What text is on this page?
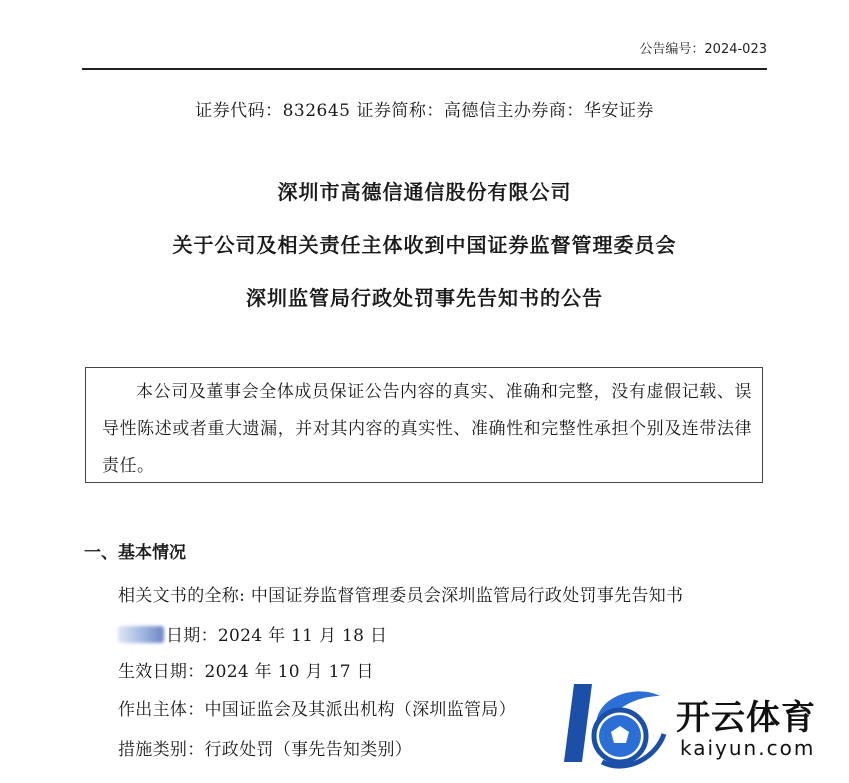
公告编号：2024-023
证券代码：832645 证券简称：高德信主办券商：华安证券
深圳市高德信通信股份有限公司
关于公司及相关责任主体收到中国证券监督管理委员会
深圳监管局行政处罚事先告知书的公告
本公司及董事会全体成员保证公告内容的真实、准确和完整，没有虚假记载、误导性陈述或者重大遗漏，并对其内容的真实性、准确性和完整性承担个别及连带法律责任。
一、基本情况
相关文书的全称: 中国证券监督管理委员会深圳监管局行政处罚事先告知书
日期：2024 年 11 月 18 日
生效日期：2024 年 10 月 17 日
作出主体：中国证监会及其派出机构（深圳监管局）
措施类别：行政处罚（事先告知类别）
开云体育
kaiyun.com
